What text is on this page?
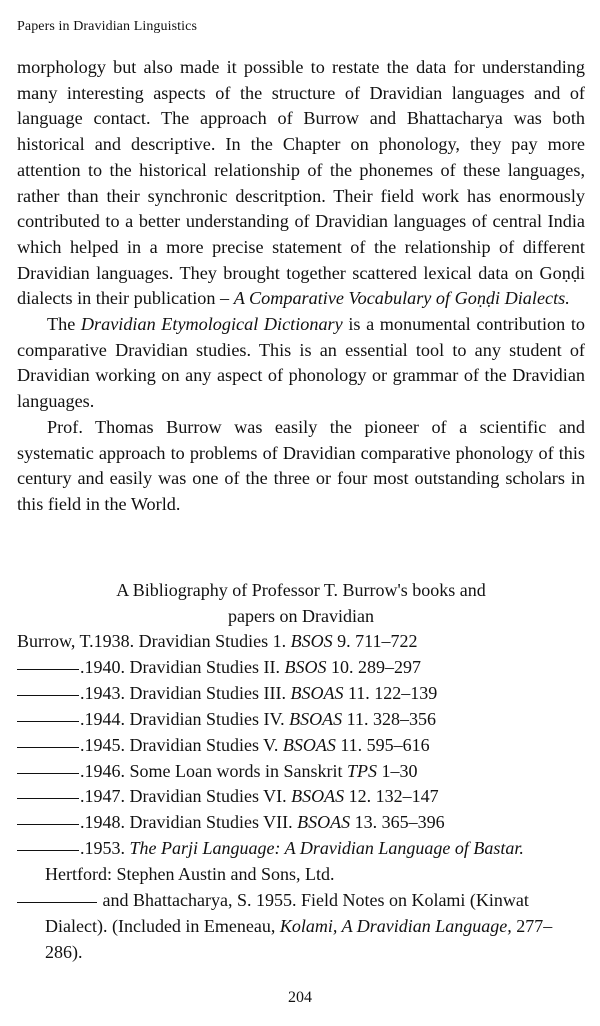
Papers in Dravidian Linguistics

morphology but also made it possible to restate the data for understanding many interesting aspects of the structure of Dravidian languages and of language contact. The approach of Burrow and Bhattacharya was both historical and descriptive. In the Chapter on phonology, they pay more attention to the historical relationship of the phonemes of these languages, rather than their synchronic descritption. Their field work has enormously contributed to a better understanding of Dravidian languages of central India which helped in a more precise statement of the relationship of different Dravidian languages. They brought together scattered lexical data on Goṇḍi dialects in their publication – A Comparative Vocabulary of Goṇḍi Dialects.

The Dravidian Etymological Dictionary is a monumental contribution to comparative Dravidian studies. This is an essential tool to any student of Dravidian working on any aspect of phonology or grammar of the Dravidian languages.

Prof. Thomas Burrow was easily the pioneer of a scientific and systematic approach to problems of Dravidian comparative phonology of this century and easily was one of the three or four most outstanding scholars in this field in the World.

A Bibliography of Professor T. Burrow's books and
papers on Dravidian
Burrow, T.1938. Dravidian Studies 1. BSOS 9. 711–722
.1940. Dravidian Studies II. BSOS 10. 289–297
.1943. Dravidian Studies III. BSOAS 11. 122–139
.1944. Dravidian Studies IV. BSOAS 11. 328–356
.1945. Dravidian Studies V. BSOAS 11. 595–616
.1946. Some Loan words in Sanskrit TPS 1–30
.1947. Dravidian Studies VI. BSOAS 12. 132–147
.1948. Dravidian Studies VII. BSOAS 13. 365–396
.1953. The Parji Language: A Dravidian Language of Bastar. Hertford: Stephen Austin and Sons, Ltd.
and Bhattacharya, S. 1955. Field Notes on Kolami (Kinwat Dialect). (Included in Emeneau, Kolami, A Dravidian Language, 277–286).
204
